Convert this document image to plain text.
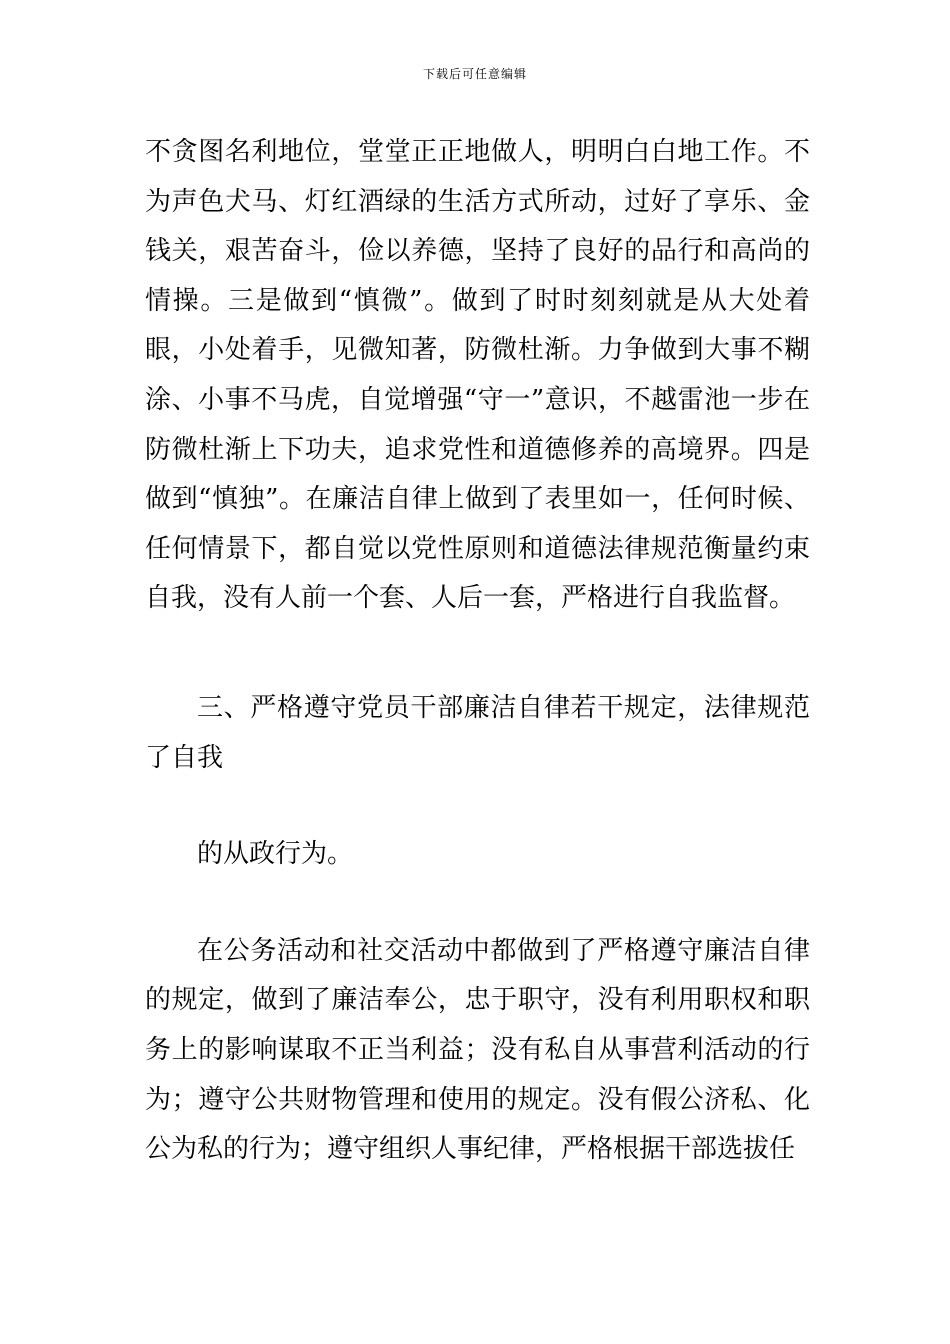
下载后可任意编辑

不贪图名利地位，堂堂正正地做人，明明白白地工作。不为声色犬马、灯红酒绿的生活方式所动，过好了享乐、金钱关，艰苦奋斗，俭以养德，坚持了良好的品行和高尚的情操。三是做到“慎微”。做到了时时刻刻就是从大处着眼，小处着手，见微知著，防微杜渐。力争做到大事不糊涂、小事不马虎，自觉增强“守一”意识，不越雷池一步在防微杜渐上下功夫，追求党性和道德修养的高境界。四是做到“慎独”。在廉洁自律上做到了表里如一，任何时候、任何情景下，都自觉以党性原则和道德法律规范衡量约束自我，没有人前一个套、人后一套，严格进行自我监督。

三、严格遵守党员干部廉洁自律若干规定，法律规范了自我

的从政行为。

在公务活动和社交活动中都做到了严格遵守廉洁自律的规定，做到了廉洁奉公，忠于职守，没有利用职权和职务上的影响谋取不正当利益；没有私自从事营利活动的行为；遵守公共财物管理和使用的规定。没有假公济私、化公为私的行为；遵守组织人事纪律，严格根据干部选拔任
